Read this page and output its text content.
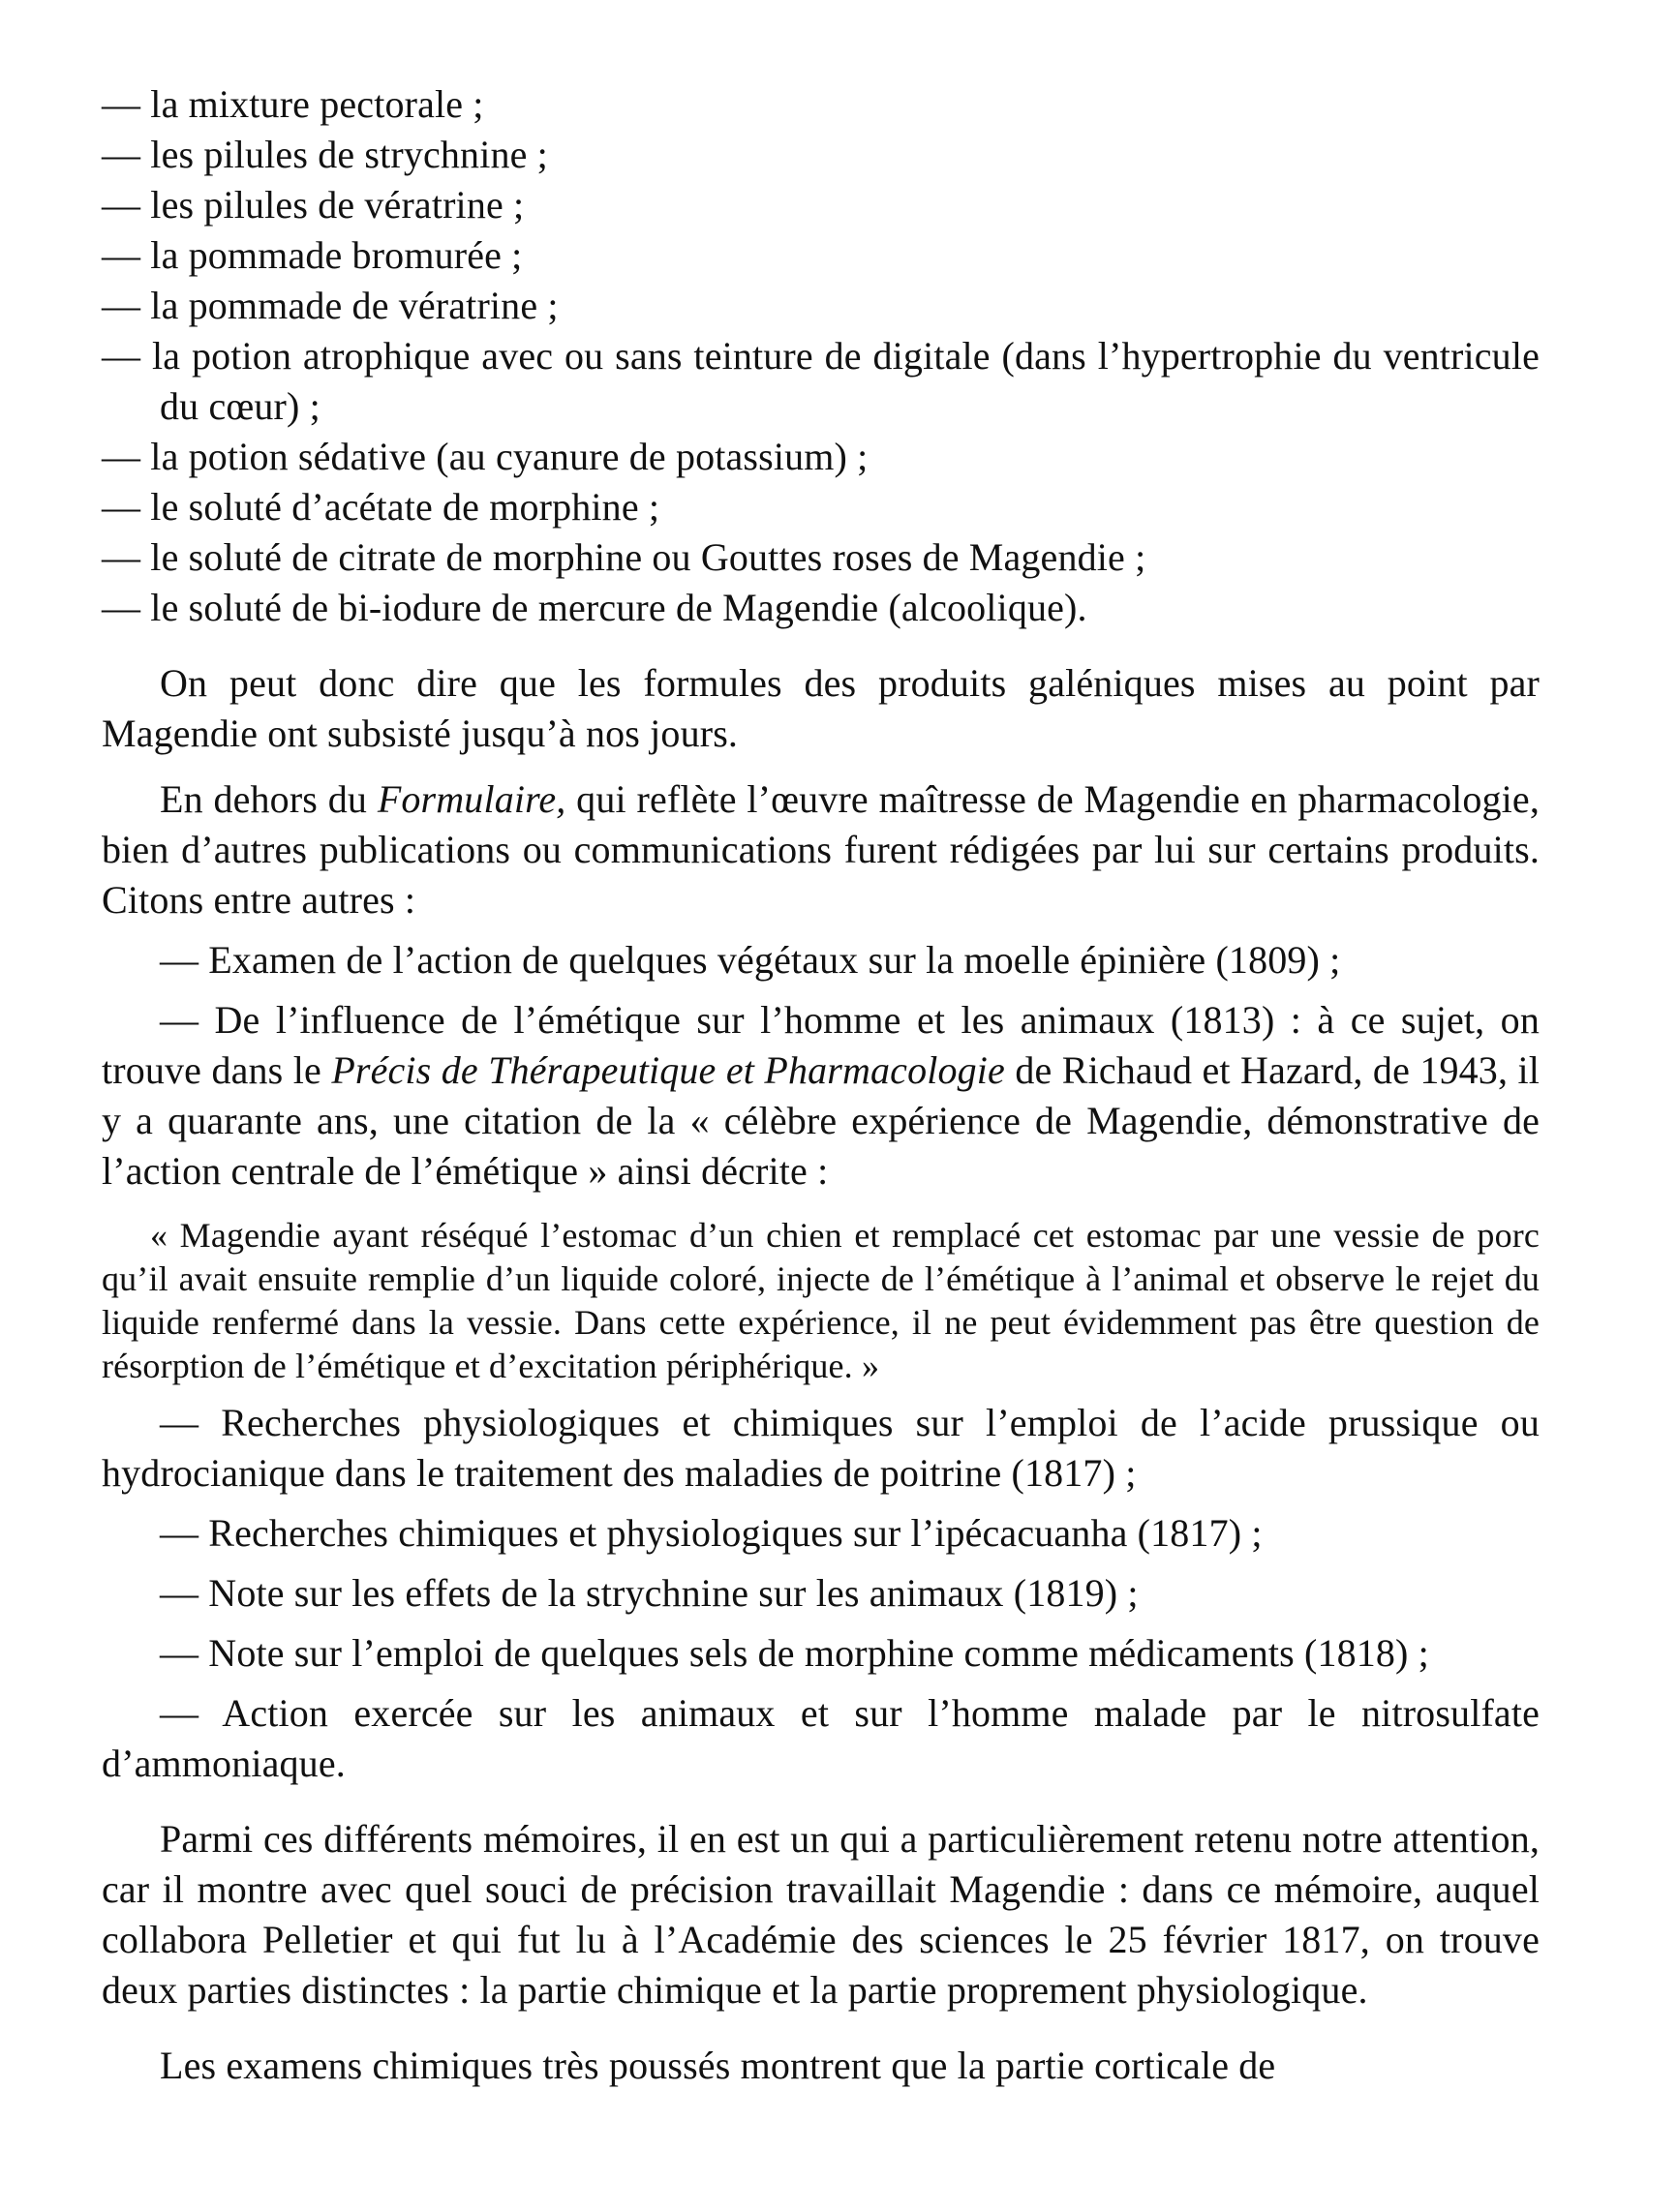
— la mixture pectorale ;

— les pilules de strychnine ;

— les pilules de vératrine ;

— la pommade bromurée ;

— la pommade de vératrine ;

— la potion atrophique avec ou sans teinture de digitale (dans l’hypertrophie du ventricule du cœur) ;

— la potion sédative (au cyanure de potassium) ;

— le soluté d’acétate de morphine ;

— le soluté de citrate de morphine ou Gouttes roses de Magendie ;

— le soluté de bi-iodure de mercure de Magendie (alcoolique).

On peut donc dire que les formules des produits galéniques mises au point par Magendie ont subsisté jusqu’à nos jours.

En dehors du Formulaire, qui reflète l’œuvre maîtresse de Magendie en pharmacologie, bien d’autres publications ou communications furent rédigées par lui sur certains produits. Citons entre autres :

— Examen de l’action de quelques végétaux sur la moelle épinière (1809) ;

— De l’influence de l’émétique sur l’homme et les animaux (1813) : à ce sujet, on trouve dans le Précis de Thérapeutique et Pharmacologie de Richaud et Hazard, de 1943, il y a quarante ans, une citation de la « célèbre expérience de Magendie, démonstrative de l’action centrale de l’émétique » ainsi décrite :

« Magendie ayant réséqué l’estomac d’un chien et remplacé cet estomac par une vessie de porc qu’il avait ensuite remplie d’un liquide coloré, injecte de l’émétique à l’animal et observe le rejet du liquide renfermé dans la vessie. Dans cette expérience, il ne peut évidemment pas être question de résorption de l’émétique et d’excitation périphérique. »

— Recherches physiologiques et chimiques sur l’emploi de l’acide prussique ou hydrocianique dans le traitement des maladies de poitrine (1817) ;

— Recherches chimiques et physiologiques sur l’ipécacuanha (1817) ;

— Note sur les effets de la strychnine sur les animaux (1819) ;

— Note sur l’emploi de quelques sels de morphine comme médicaments (1818) ;

— Action exercée sur les animaux et sur l’homme malade par le nitrosulfate d’ammoniaque.

Parmi ces différents mémoires, il en est un qui a particulièrement retenu notre attention, car il montre avec quel souci de précision travaillait Magendie : dans ce mémoire, auquel collabora Pelletier et qui fut lu à l’Académie des sciences le 25 février 1817, on trouve deux parties distinctes : la partie chimique et la partie proprement physiologique.

Les examens chimiques très poussés montrent que la partie corticale de
